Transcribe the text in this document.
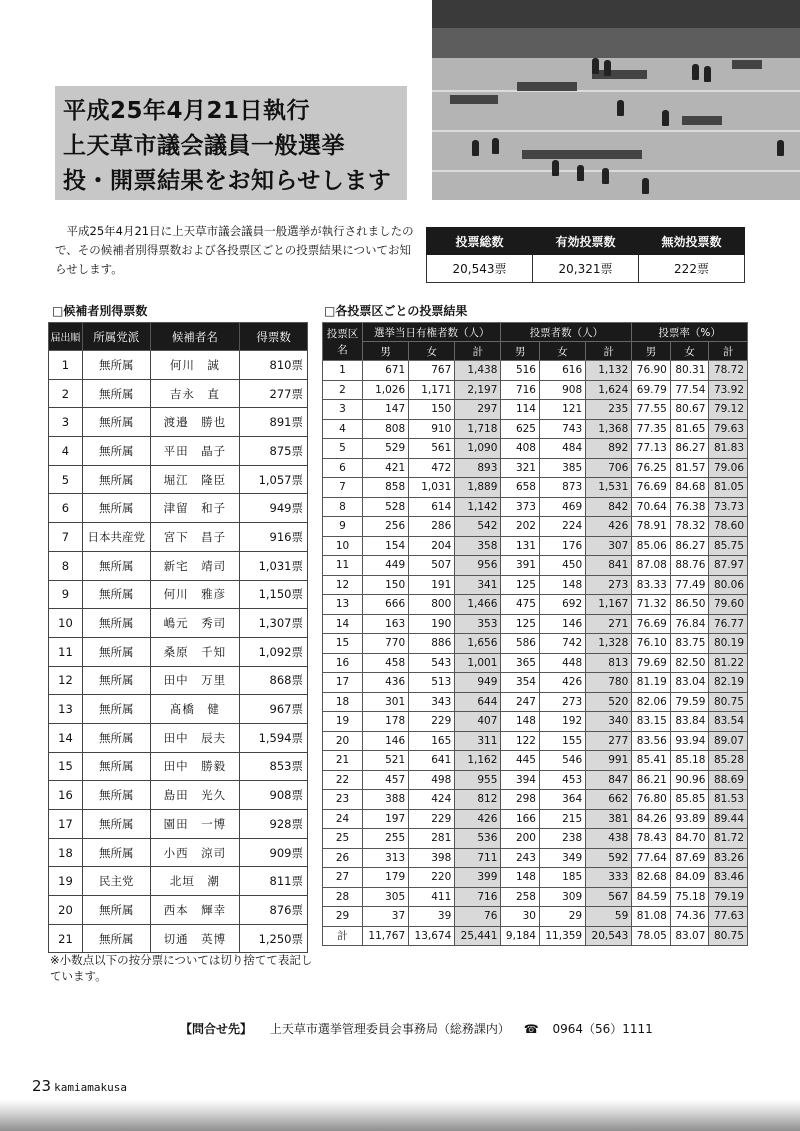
平成25年4月21日執行
上天草市議会議員一般選挙
投・開票結果をお知らせします

平成25年4月21日に上天草市議会議員一般選挙が執行されましたので、その候補者別得票数および各投票区ごとの投票結果についてお知らせします。

投票総数	有効投票数	無効投票数
20,543票	20,321票	222票
□候補者別得票数	□各投票区ごとの投票結果
届出順	所属党派	候補者名	得票数
1	無所属	何川　誠	810票
2	無所属	吉永　直	277票
3	無所属	渡邉　勝也	891票
4	無所属	平田　晶子	875票
5	無所属	堀江　隆臣	1,057票
6	無所属	津留　和子	949票
7	日本共産党	宮下　昌子	916票
8	無所属	新宅　靖司	1,031票
9	無所属	何川　雅彦	1,150票
10	無所属	嶋元　秀司	1,307票
11	無所属	桑原　千知	1,092票
12	無所属	田中　万里	868票
13	無所属	髙橋　健	967票
14	無所属	田中　辰夫	1,594票
15	無所属	田中　勝毅	853票
16	無所属	島田　光久	908票
17	無所属	園田　一博	928票
18	無所属	小西　涼司	909票
19	民主党	北垣　潮	811票
20	無所属	西本　輝幸	876票
21	無所属	切通　英博	1,250票

※小数点以下の按分票については切り捨てて表記しています。

投票区名	選挙当日有権者数（人）			投票者数（人）			投票率（%）		
	男	女	計	男	女	計	男	女	計
1	671	767	1,438	516	616	1,132	76.90	80.31	78.72
2	1,026	1,171	2,197	716	908	1,624	69.79	77.54	73.92
3	147	150	297	114	121	235	77.55	80.67	79.12
4	808	910	1,718	625	743	1,368	77.35	81.65	79.63
5	529	561	1,090	408	484	892	77.13	86.27	81.83
6	421	472	893	321	385	706	76.25	81.57	79.06
7	858	1,031	1,889	658	873	1,531	76.69	84.68	81.05
8	528	614	1,142	373	469	842	70.64	76.38	73.73
9	256	286	542	202	224	426	78.91	78.32	78.60
10	154	204	358	131	176	307	85.06	86.27	85.75
11	449	507	956	391	450	841	87.08	88.76	87.97
12	150	191	341	125	148	273	83.33	77.49	80.06
13	666	800	1,466	475	692	1,167	71.32	86.50	79.60
14	163	190	353	125	146	271	76.69	76.84	76.77
15	770	886	1,656	586	742	1,328	76.10	83.75	80.19
16	458	543	1,001	365	448	813	79.69	82.50	81.22
17	436	513	949	354	426	780	81.19	83.04	82.19
18	301	343	644	247	273	520	82.06	79.59	80.75
19	178	229	407	148	192	340	83.15	83.84	83.54
20	146	165	311	122	155	277	83.56	93.94	89.07
21	521	641	1,162	445	546	991	85.41	85.18	85.28
22	457	498	955	394	453	847	86.21	90.96	88.69
23	388	424	812	298	364	662	76.80	85.85	81.53
24	197	229	426	166	215	381	84.26	93.89	89.44
25	255	281	536	200	238	438	78.43	84.70	81.72
26	313	398	711	243	349	592	77.64	87.69	83.26
27	179	220	399	148	185	333	82.68	84.09	83.46
28	305	411	716	258	309	567	84.59	75.18	79.19
29	37	39	76	30	29	59	81.08	74.36	77.63
計	11,767	13,674	25,441	9,184	11,359	20,543	78.05	83.07	80.75
【問合せ先】 上天草市選挙管理委員会事務局（総務課内） ☎ 0964（56）1111
23 kamiamakusa
